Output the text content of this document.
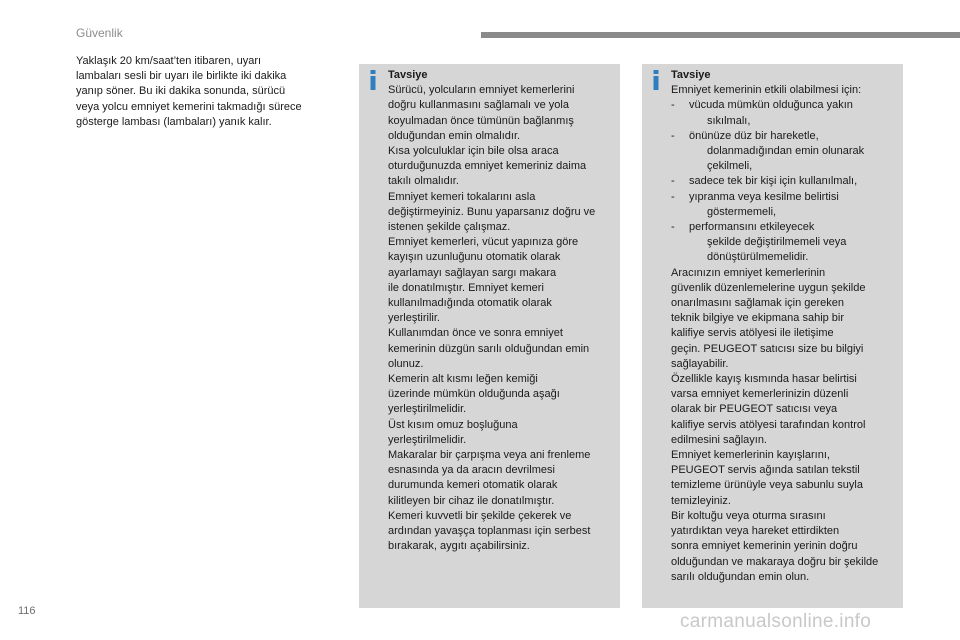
Güvenlik

Yaklaşık 20 km/saat’ten itibaren, uyarı
lambaları sesli bir uyarı ile birlikte iki dakika
yanıp söner. Bu iki dakika sonunda, sürücü
veya yolcu emniyet kemerini takmadığı sürece
gösterge lambası (lambaları) yanık kalır.

Tavsiye
Sürücü, yolcuların emniyet kemerlerini
doğru kullanmasını sağlamalı ve yola
koyulmadan önce tümünün bağlanmış
olduğundan emin olmalıdır.
Kısa yolculuklar için bile olsa araca
oturduğunuzda emniyet kemeriniz daima
takılı olmalıdır.
Emniyet kemeri tokalarını asla
değiştirmeyiniz. Bunu yaparsanız doğru ve
istenen şekilde çalışmaz.
Emniyet kemerleri, vücut yapınıza göre
kayışın uzunluğunu otomatik olarak
ayarlamayı sağlayan sargı makara
ile donatılmıştır. Emniyet kemeri
kullanılmadığında otomatik olarak
yerleştirilir.
Kullanımdan önce ve sonra emniyet
kemerinin düzgün sarılı olduğundan emin
olunuz.
Kemerin alt kısmı leğen kemiği
üzerinde mümkün olduğunda aşağı
yerleştirilmelidir.
Üst kısım omuz boşluğuna
yerleştirilmelidir.
Makaralar bir çarpışma veya ani frenleme
esnasında ya da aracın devrilmesi
durumunda kemeri otomatik olarak
kilitleyen bir cihaz ile donatılmıştır.
Kemeri kuvvetli bir şekilde çekerek ve
ardından yavaşça toplanması için serbest
bırakarak, aygıtı açabilirsiniz.
Tavsiye
Emniyet kemerinin etkili olabilmesi için:
-	vücuda mümkün olduğunca yakın
sıkılmalı,
-	önünüze düz bir hareketle,
dolanmadığından emin olunarak
çekilmeli,
-	sadece tek bir kişi için kullanılmalı,
-	yıpranma veya kesilme belirtisi
göstermemeli,
-	performansını etkileyecek
şekilde değiştirilmemeli veya
dönüştürülmemelidir.
Aracınızın emniyet kemerlerinin
güvenlik düzenlemelerine uygun şekilde
onarılmasını sağlamak için gereken
teknik bilgiye ve ekipmana sahip bir
kalifiye servis atölyesi ile iletişime
geçin. PEUGEOT satıcısı size bu bilgiyi
sağlayabilir.
Özellikle kayış kısmında hasar belirtisi
varsa emniyet kemerlerinizin düzenli
olarak bir PEUGEOT satıcısı veya
kalifiye servis atölyesi tarafından kontrol
edilmesini sağlayın.
Emniyet kemerlerinin kayışlarını,
PEUGEOT servis ağında satılan tekstil
temizleme ürünüyle veya sabunlu suyla
temizleyiniz.
Bir koltuğu veya oturma sırasını
yatırdıktan veya hareket ettirdikten
sonra emniyet kemerinin yerinin doğru
olduğundan ve makaraya doğru bir şekilde
sarılı olduğundan emin olun.
116	carmanualsonline.info
